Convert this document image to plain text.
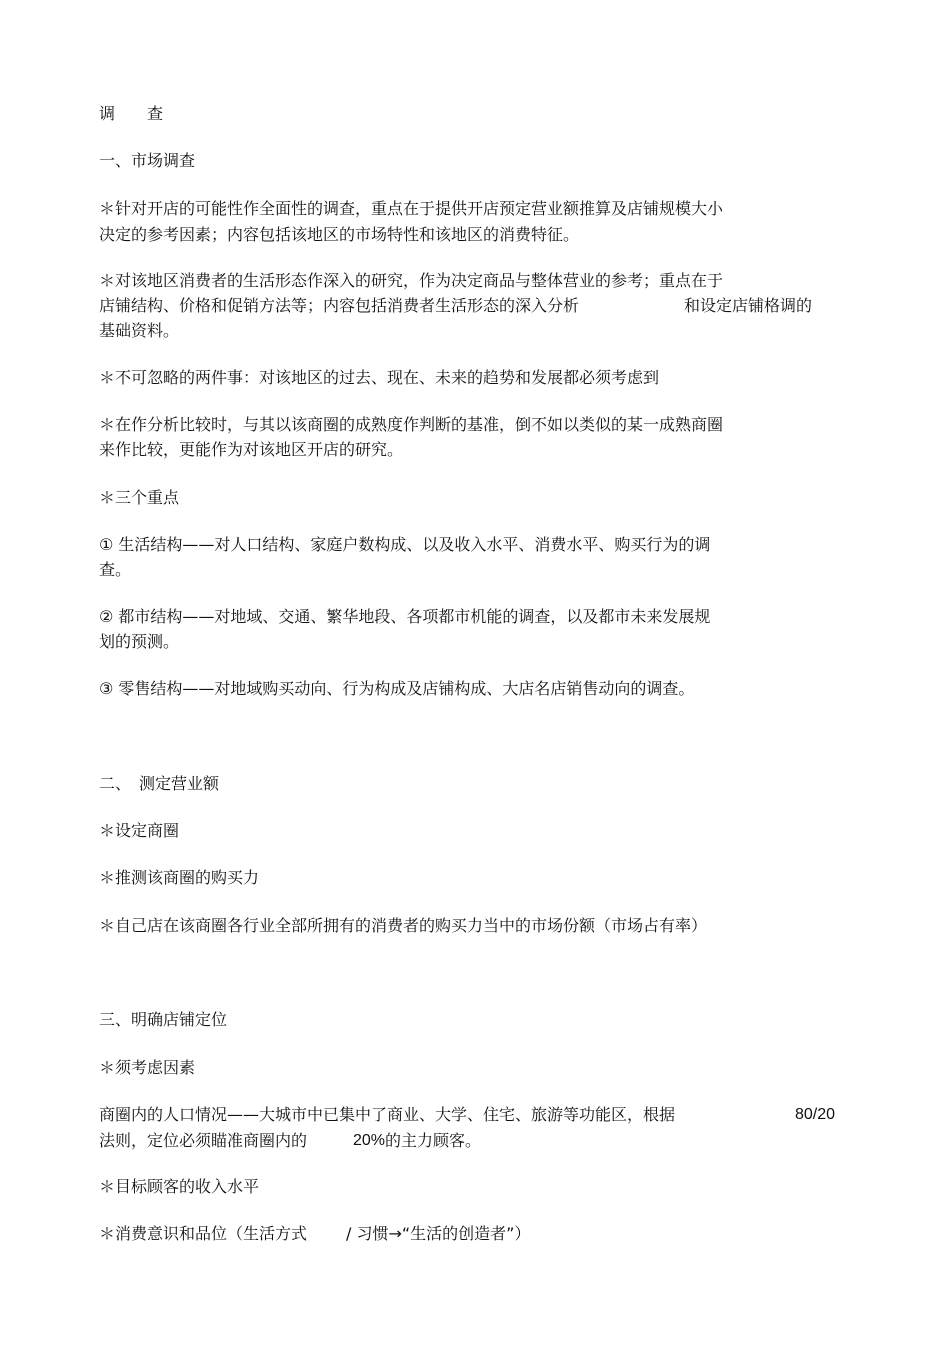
调　　查
一、市场调查
＊针对开店的可能性作全面性的调查，重点在于提供开店预定营业额推算及店铺规模大小
决定的参考因素；内容包括该地区的市场特性和该地区的消费特征。
＊对该地区消费者的生活形态作深入的研究，作为决定商品与整体营业的参考；重点在于
店铺结构、价格和促销方法等；内容包括消费者生活形态的深入分析	和设定店铺格调的
基础资料。
＊不可忽略的两件事：对该地区的过去、现在、未来的趋势和发展都必须考虑到
＊在作分析比较时，与其以该商圈的成熟度作判断的基准，倒不如以类似的某一成熟商圈
来作比较，更能作为对该地区开店的研究。
＊三个重点
① 生活结构——对人口结构、家庭户数构成、以及收入水平、消费水平、购买行为的调
查。
② 都市结构——对地域、交通、繁华地段、各项都市机能的调查，以及都市未来发展规
划的预测。
③ 零售结构——对地域购买动向、行为构成及店铺构成、大店名店销售动向的调查。
二、　测定营业额
＊设定商圈
＊推测该商圈的购买力
＊自己店在该商圈各行业全部所拥有的消费者的购买力当中的市场份额（市场占有率）
三、明确店铺定位
＊须考虑因素
商圈内的人口情况——大城市中已集中了商业、大学、住宅、旅游等功能区，根据	80/20
法则，定位必须瞄准商圈内的	20% 的主力顾客。
＊目标顾客的收入水平
＊消费意识和品位（生活方式 / 习惯→“生活的创造者”）
